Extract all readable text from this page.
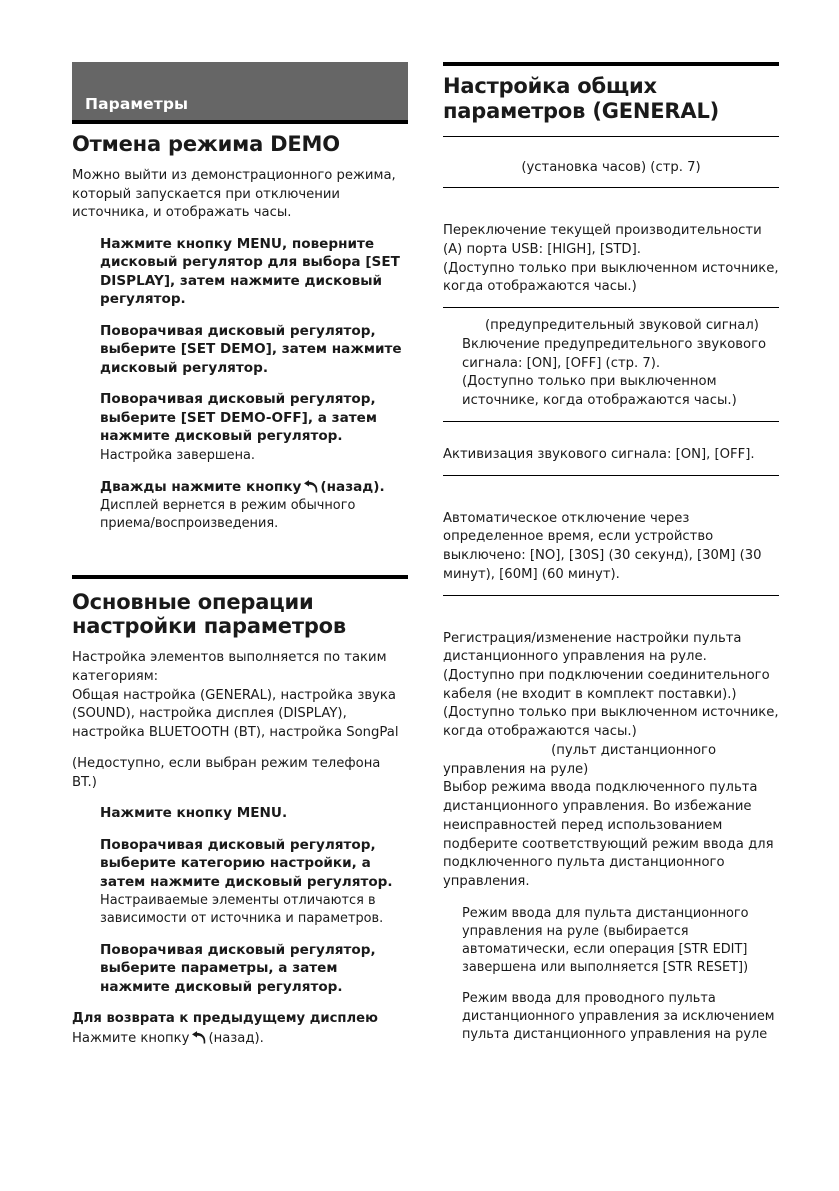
Параметры
Отмена режима DEMO

Можно выйти из демонстрационного режима, который запускается при отключении источника, и отображать часы.

1 Нажмите кнопку MENU, поверните дисковый регулятор для выбора [SET DISPLAY], затем нажмите дисковый регулятор.

2 Поворачивая дисковый регулятор, выберите [SET DEMO], затем нажмите дисковый регулятор.

3 Поворачивая дисковый регулятор, выберите [SET DEMO-OFF], а затем нажмите дисковый регулятор.

Настройка завершена.

4 Дважды нажмите кнопку (назад).

Дисплей вернется в режим обычного приема/воспроизведения.

Основные операции настройки параметров

Настройка элементов выполняется по таким категориям:

Общая настройка (GENERAL), настройка звука (SOUND), настройка дисплея (DISPLAY), настройка BLUETOOTH (BT), настройка SongPal

(Недоступно, если выбран режим телефона BT.)

1 Нажмите кнопку MENU.

2 Поворачивая дисковый регулятор, выберите категорию настройки, а затем нажмите дисковый регулятор.

Настраиваемые элементы отличаются в зависимости от источника и параметров.

3 Поворачивая дисковый регулятор, выберите параметры, а затем нажмите дисковый регулятор.

Для возврата к предыдущему дисплею

Нажмите кнопку (назад).

Настройка общих параметров (GENERAL)
CLOCK ADJUST

(установка часов) (стр. 7)

CAUT ALM

Переключение текущей производительности (A) порта USB: [HIGH], [STD].

(Доступно только при выключенном источнике, когда отображаются часы.)

BEEP (предупредительный звуковой сигнал)

Включение предупредительного звукового сигнала: [ON], [OFF] (стр. 7).

(Доступно только при выключенном источнике, когда отображаются часы.)

AUTO OFF

Активизация звукового сигнала: [ON], [OFF].

STR CONTROL

Автоматическое отключение через определенное время, если устройство выключено: [NO], [30S] (30 секунд), [30M] (30 минут), [60M] (60 минут).

STR CONTROL

Регистрация/изменение настройки пульта дистанционного управления на руле.

(Доступно при подключении соединительного кабеля (не входит в комплект поставки).) (Доступно только при выключенном источнике, когда отображаются часы.)

STR CONTROL (пульт дистанционного управления на руле)

Выбор режима ввода подключенного пульта дистанционного управления. Во избежание неисправностей перед использованием подберите соответствующий режим ввода для подключенного пульта дистанционного управления.

Режим ввода для пульта дистанционного управления на руле (выбирается автоматически, если операция [STR EDIT] завершена или выполняется [STR RESET])

Режим ввода для проводного пульта дистанционного управления за исключением пульта дистанционного управления на руле
